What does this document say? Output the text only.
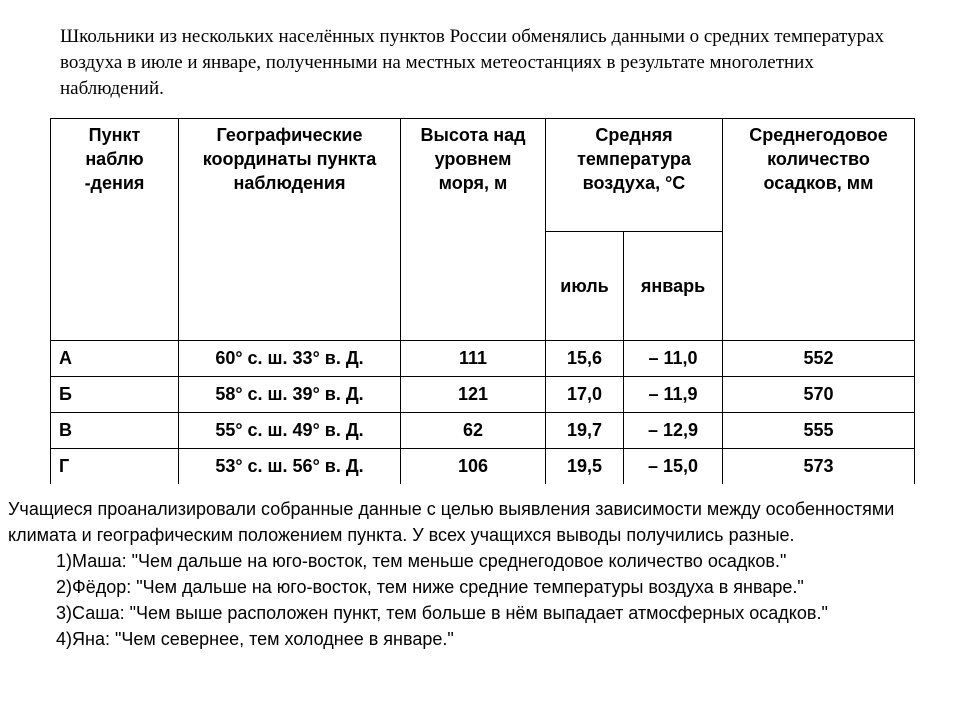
Школьники из нескольких населённых пунктов России обменялись данными о средних температурах воздуха в июле и январе, полученными на местных метеостанциях в результате многолетних наблюдений.

Пункт наблю -дения	Географические координаты пункта наблюдения	Высота над уровнем моря, м	Средняя температура воздуха, °С		Среднегодовое количество осадков, мм

			июль	январь	
А	60° с. ш. 33° в. Д.	111	15,6	– 11,0	552
Б	58° с. ш. 39° в. Д.	121	17,0	– 11,9	570
В	55° с. ш. 49° в. Д.	62	19,7	– 12,9	555
Г	53° с. ш. 56° в. Д.	106	19,5	– 15,0	573

Учащиеся проанализировали собранные данные с целью выявления зависимости между особенностями климата и географическим положением пункта. У всех учащихся выводы получились разные.

1)Маша: "Чем дальше на юго-восток, тем меньше среднегодовое количество осадков."
2)Фёдор: "Чем дальше на юго-восток, тем ниже средние температуры воздуха в январе."
3)Саша: "Чем выше расположен пункт, тем больше в нём выпадает атмосферных осадков."
4)Яна: "Чем севернее, тем холоднее в январе."
